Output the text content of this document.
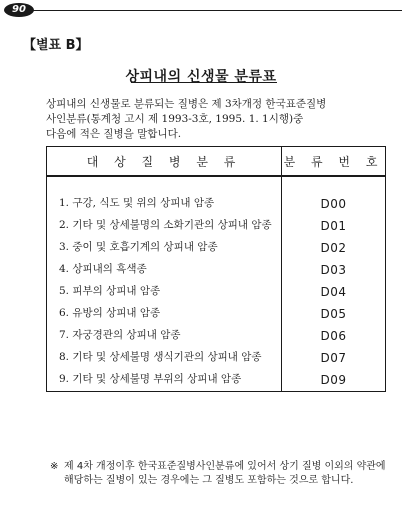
90
【별표 B】
상피내의 신생물 분류표
상피내의 신생물로 분류되는 질병은 제 3차개정 한국표준질병
사인분류(통계청 고시 제 1993-3호, 1995. 1. 1시행)중
다음에 적은 질병을 말합니다.
대 상 질 병 분 류	분 류 번 호

1.
구강, 식도 및 위의 상피내 암종	D00

2.
기타 및 상세불명의 소화기관의 상피내 암종	D01

3.
중이 및 호흡기계의 상피내 암종	D02

4.
상피내의 흑색종	D03

5.
피부의 상피내 암종	D04

6.
유방의 상피내 암종	D05

7.
자궁경관의 상피내 암종	D06

8.
기타 및 상세불명 생식기관의 상피내 암종	D07

9.
기타 및 상세불명 부위의 상피내 암종	D09
※ 제 4차 개정이후 한국표준질병사인분류에 있어서 상기 질병 이외의 약관에 해당하는 질병이 있는 경우에는 그 질병도 포함하는 것으로 합니다.
